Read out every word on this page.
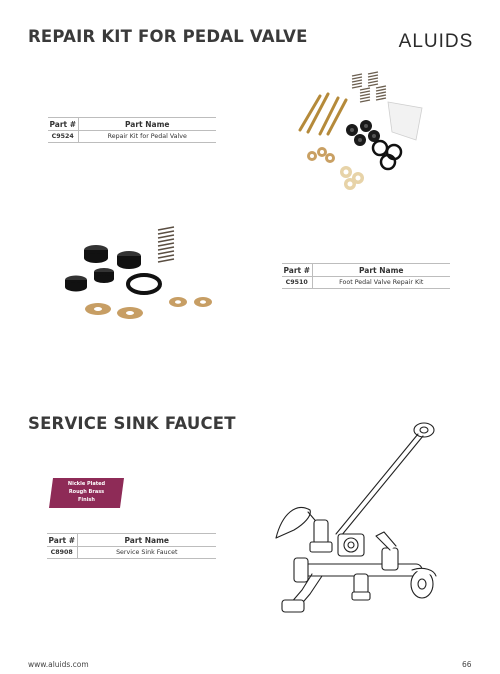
REPAIR KIT FOR PEDAL VALVE
SERVICE SINK FAUCET
ALUIDS
Part #	Part Name
C9524	Repair Kit for Pedal Valve
Part #	Part Name
C9510	Foot Pedal Valve Repair Kit
Part #	Part Name
C8908	Service Sink Faucet
Nickle Plated
Rough Brass
Finish
www.aluids.com	66
